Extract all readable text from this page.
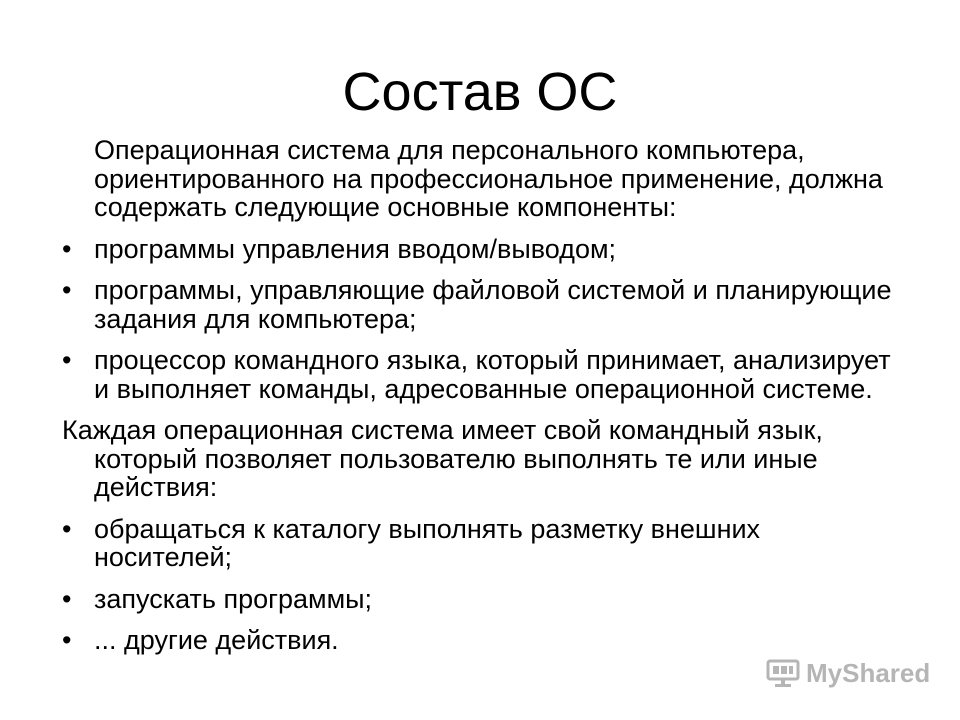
Состав ОС

Операционная система для персонального компьютера, ориентированного на профессиональное применение, должна содержать следующие основные компоненты:

• программы управления вводом/выводом;

• программы, управляющие файловой системой и планирующие задания для компьютера;

• процессор командного языка, который принимает, анализирует и выполняет команды, адресованные операционной системе.

Каждая операционная система имеет свой командный язык, который позволяет пользователю выполнять те или иные действия:

• обращаться к каталогу выполнять разметку внешних носителей;

• запускать программы;

• ... другие действия.

MyShared
